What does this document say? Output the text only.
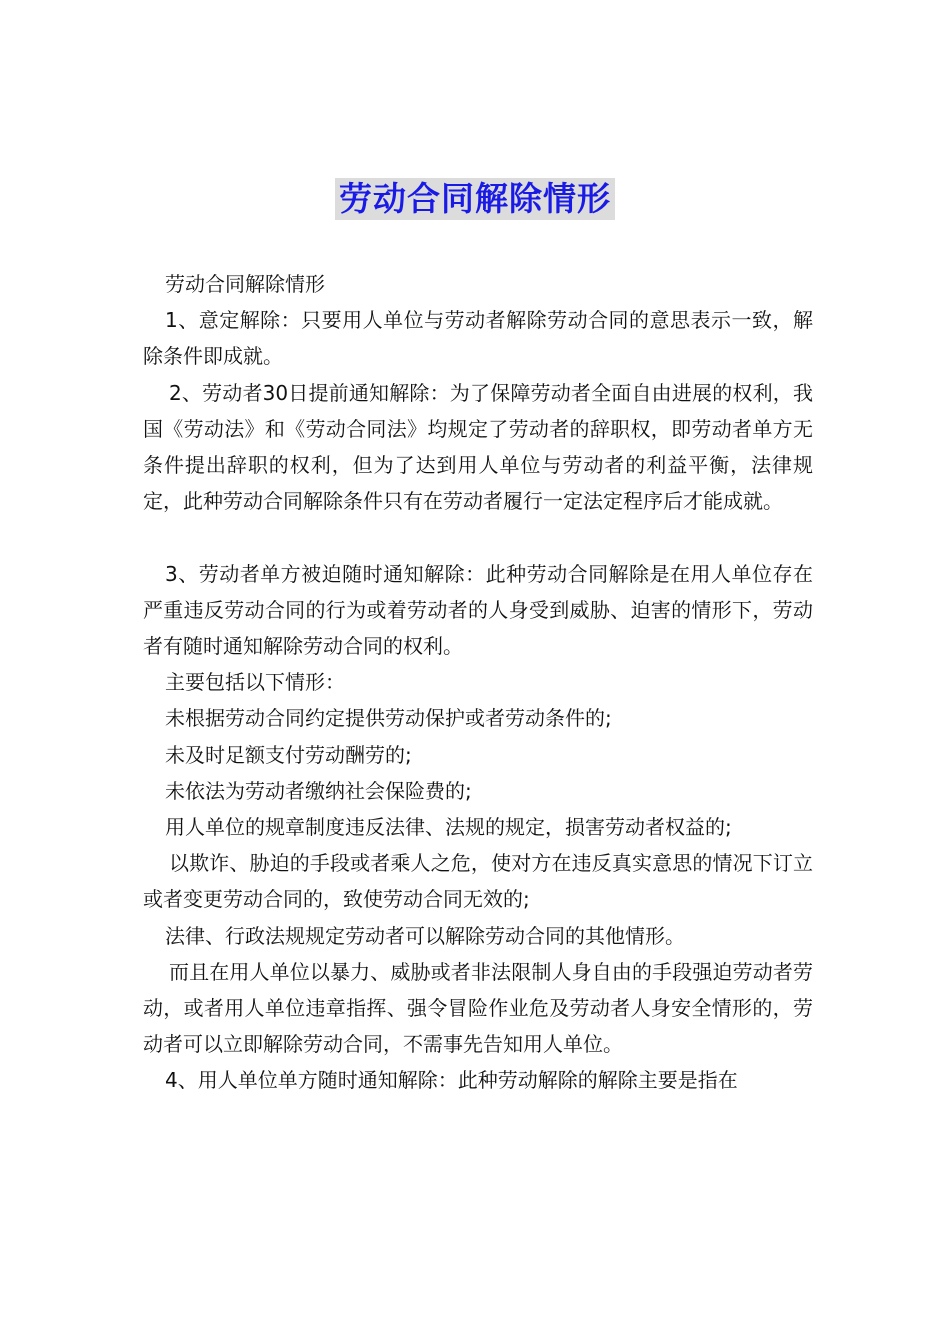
劳动合同解除情形

劳动合同解除情形

1、意定解除：只要用人单位与劳动者解除劳动合同的意思表示一致，解除条件即成就。

2、劳动者30日提前通知解除：为了保障劳动者全面自由进展的权利，我国《劳动法》和《劳动合同法》均规定了劳动者的辞职权，即劳动者单方无条件提出辞职的权利，但为了达到用人单位与劳动者的利益平衡，法律规定，此种劳动合同解除条件只有在劳动者履行一定法定程序后才能成就。

3、劳动者单方被迫随时通知解除：此种劳动合同解除是在用人单位存在严重违反劳动合同的行为或着劳动者的人身受到威胁、迫害的情形下，劳动者有随时通知解除劳动合同的权利。

主要包括以下情形：

未根据劳动合同约定提供劳动保护或者劳动条件的;

未及时足额支付劳动酬劳的;

未依法为劳动者缴纳社会保险费的;

用人单位的规章制度违反法律、法规的规定，损害劳动者权益的;

以欺诈、胁迫的手段或者乘人之危，使对方在违反真实意思的情况下订立或者变更劳动合同的，致使劳动合同无效的;

法律、行政法规规定劳动者可以解除劳动合同的其他情形。

而且在用人单位以暴力、威胁或者非法限制人身自由的手段强迫劳动者劳动，或者用人单位违章指挥、强令冒险作业危及劳动者人身安全情形的，劳动者可以立即解除劳动合同，不需事先告知用人单位。

4、用人单位单方随时通知解除：此种劳动解除的解除主要是指在
